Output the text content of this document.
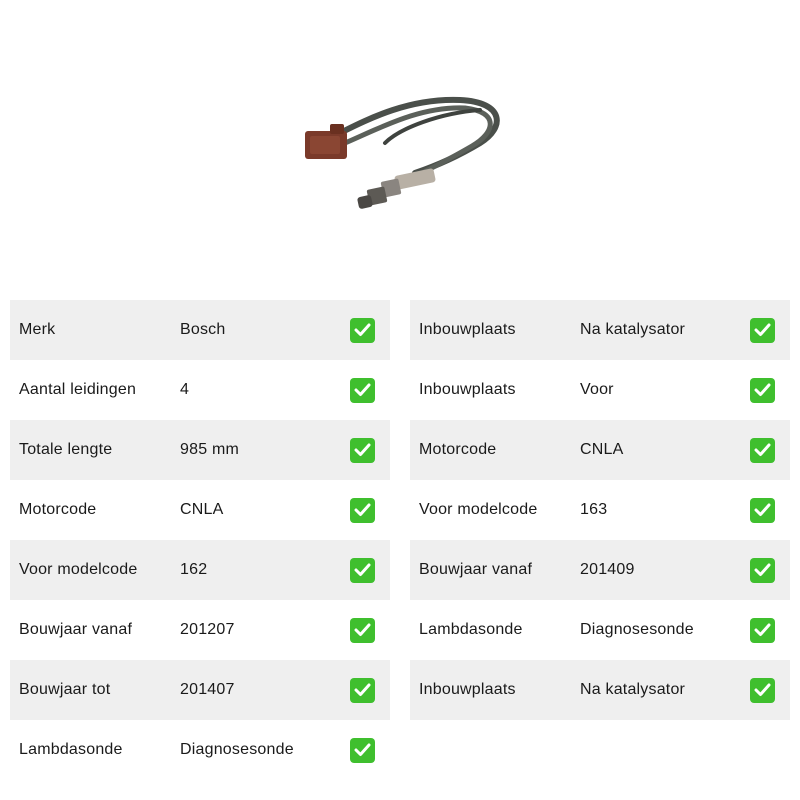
Merk	Bosch
Aantal leidingen	4
Totale lengte	985 mm
Motorcode	CNLA
Voor modelcode	162
Bouwjaar vanaf	201207
Bouwjaar tot	201407
Lambdasonde	Diagnosesonde
Inbouwplaats	Na katalysator
Inbouwplaats	Voor
Motorcode	CNLA
Voor modelcode	163
Bouwjaar vanaf	201409
Lambdasonde	Diagnosesonde
Inbouwplaats	Na katalysator
